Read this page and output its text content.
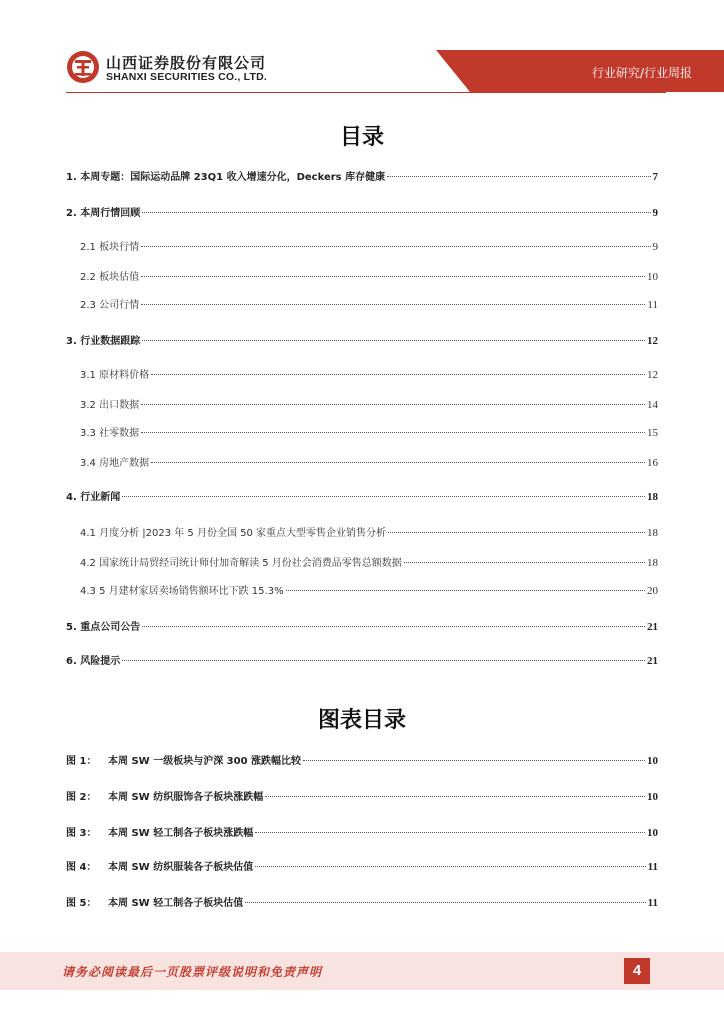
山西证券股份有限公司
SHANXI SECURITIES CO., LTD.	行业研究/行业周报
目录
1. 本周专题：国际运动品牌 23Q1 收入增速分化，Deckers 库存健康	7
2. 本周行情回顾	9
2.1 板块行情	9
2.2 板块估值	10
2.3 公司行情	11
3. 行业数据跟踪	12
3.1 原材料价格	12
3.2 出口数据	14
3.3 社零数据	15
3.4 房地产数据	16
4. 行业新闻	18
4.1 月度分析 |2023 年 5 月份全国 50 家重点大型零售企业销售分析	18
4.2 国家统计局贸经司统计师付加奇解读 5 月份社会消费品零售总额数据	18
4.3 5 月建材家居卖场销售额环比下跌 15.3%	20
5. 重点公司公告	21
6. 风险提示	21
图表目录
图 1：	本周 SW 一级板块与沪深 300 涨跌幅比较	10
图 2：	本周 SW 纺织服饰各子板块涨跌幅	10
图 3：	本周 SW 轻工制各子板块涨跌幅	10
图 4：	本周 SW 纺织服装各子板块估值	11
图 5：	本周 SW 轻工制各子板块估值	11
请务必阅读最后一页股票评级说明和免责声明	4
